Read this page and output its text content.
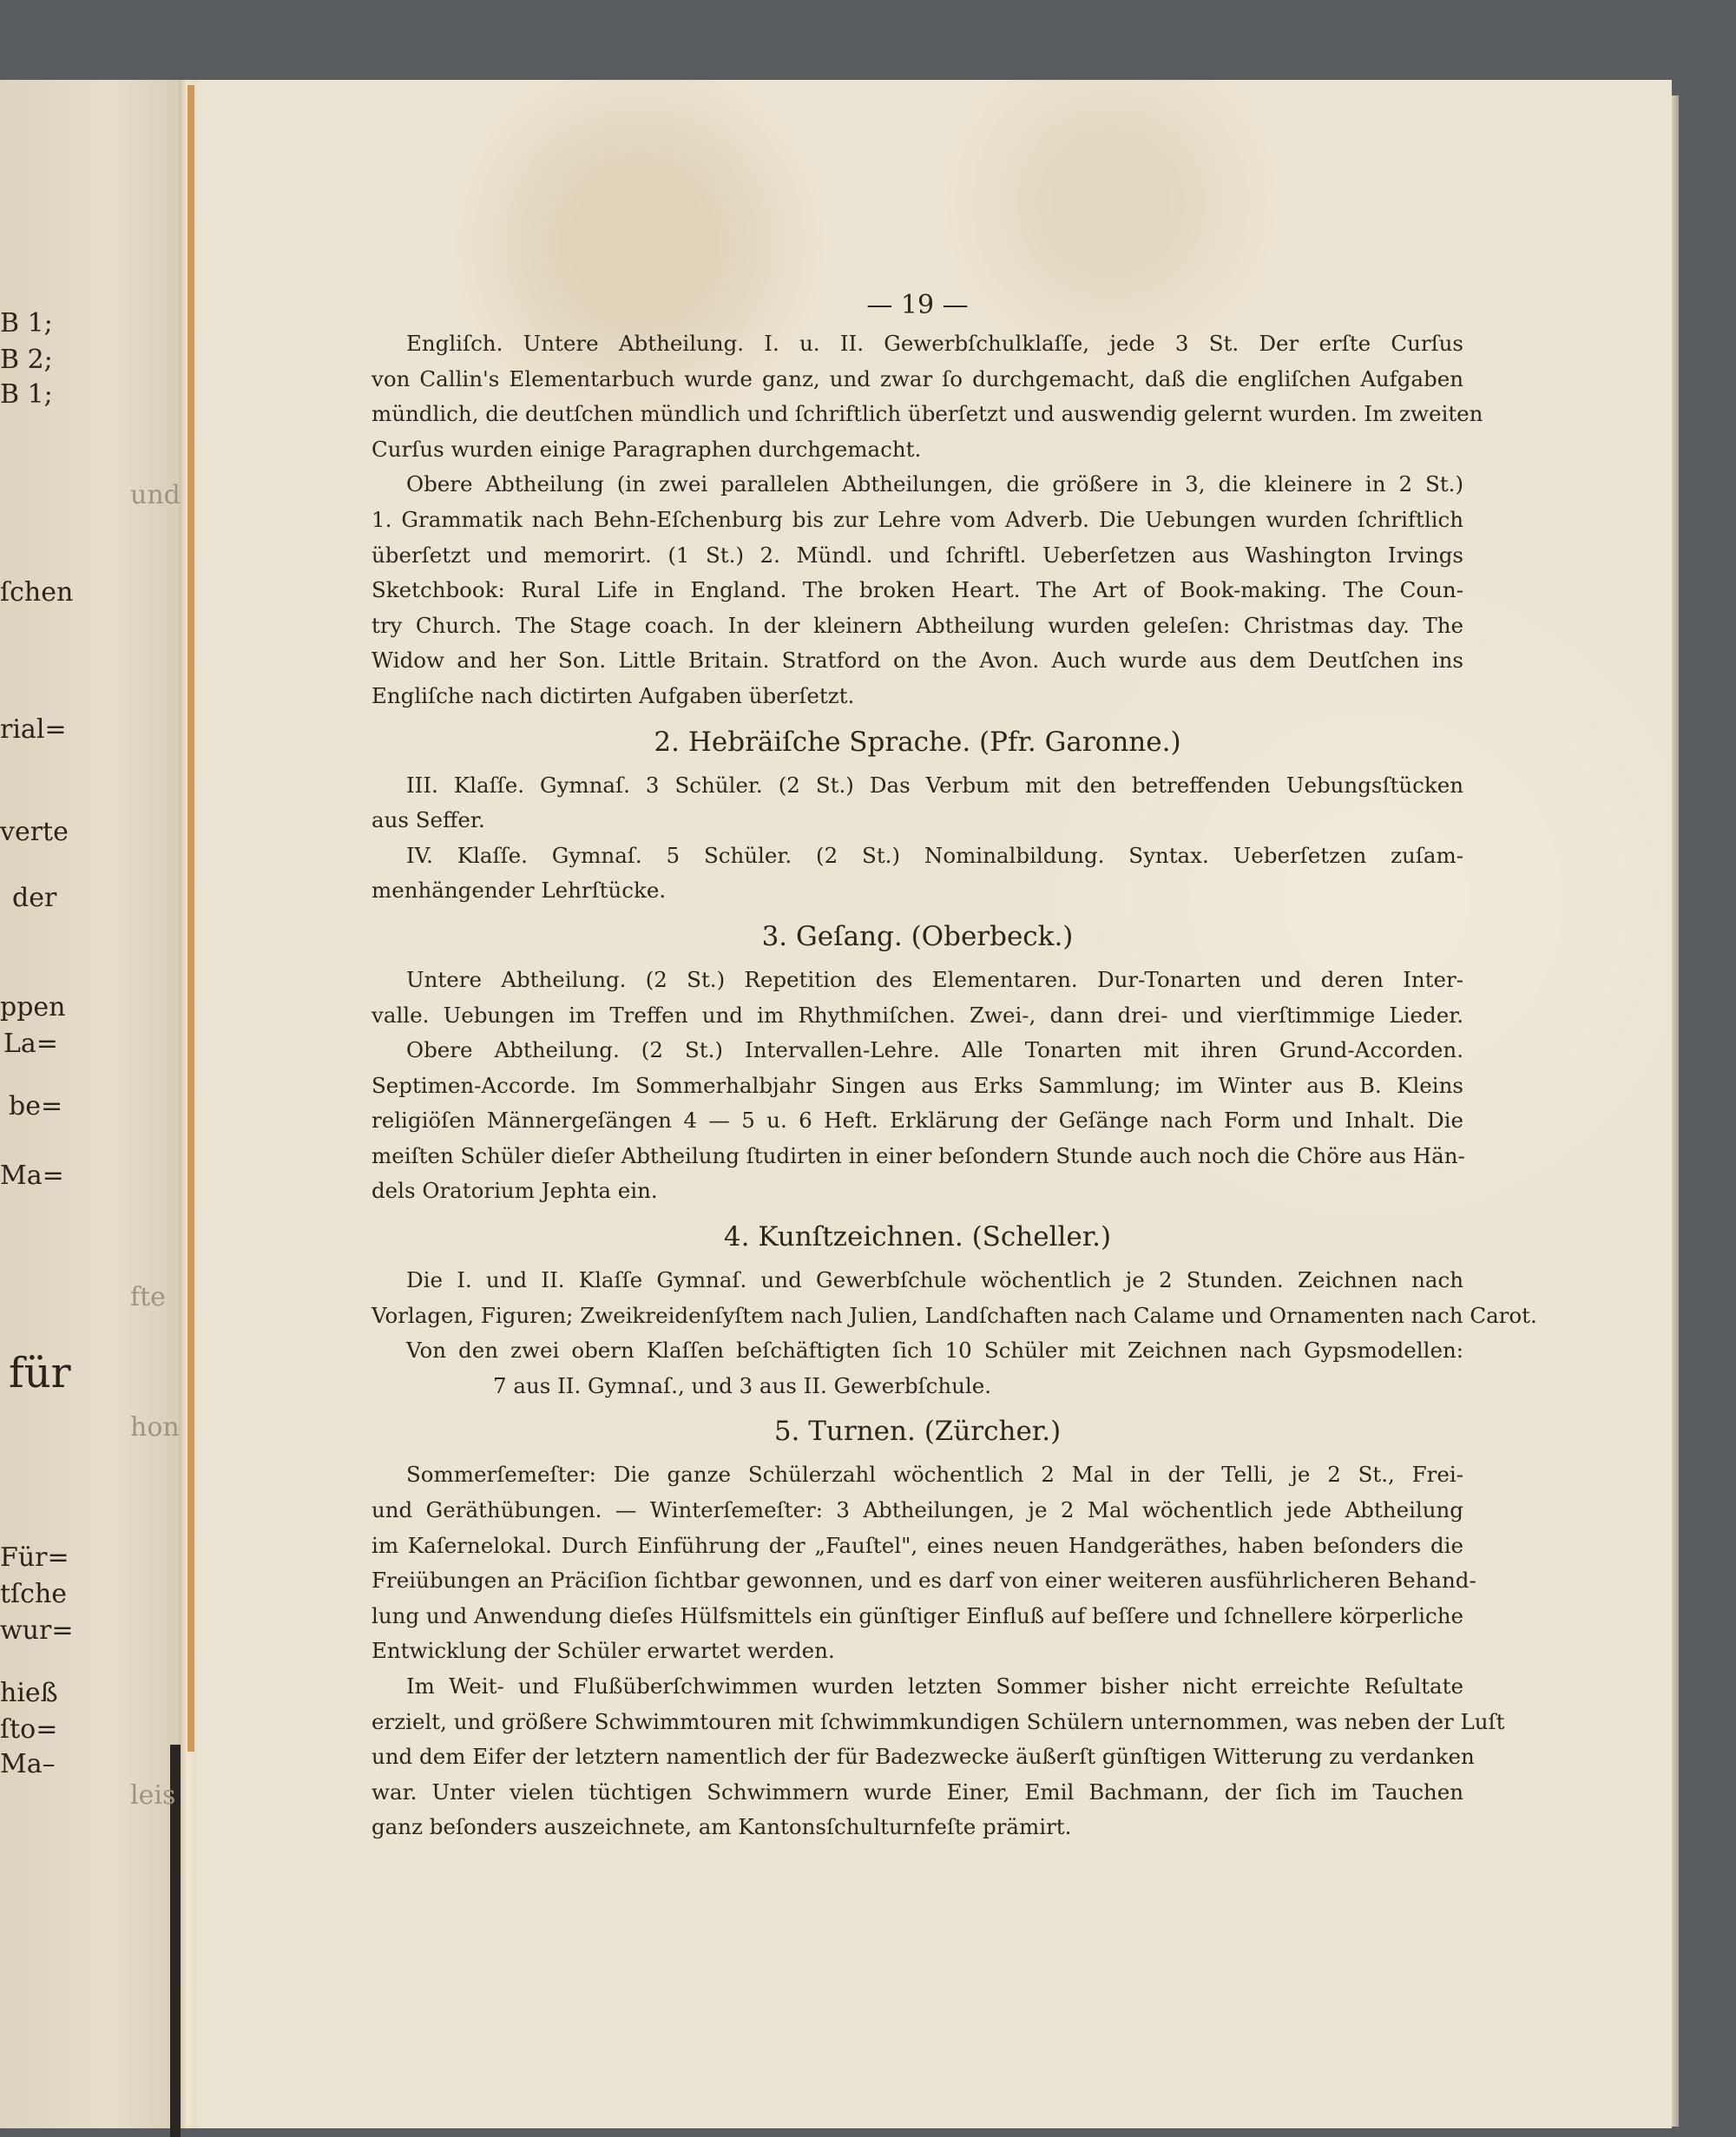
B 1;
B 2;
B 1;
und
ſchen
rial=
verte
der
ppen
La=
be=
Ma=
für
hon
Für=
tſche
wur=
hieß
ſto=
Ma–
leis
fte
— 19 —
Engliſch. Untere Abtheilung. I. u. II. Gewerbſchulklaſſe, jede 3 St. Der erſte Curſus
von Callin's Elementarbuch wurde ganz, und zwar ſo durchgemacht, daß die engliſchen Aufgaben
mündlich, die deutſchen mündlich und ſchriftlich überſetzt und auswendig gelernt wurden. Im zweiten
Curſus wurden einige Paragraphen durchgemacht.
Obere Abtheilung (in zwei parallelen Abtheilungen, die größere in 3, die kleinere in 2 St.)
1. Grammatik nach Behn-Eſchenburg bis zur Lehre vom Adverb. Die Uebungen wurden ſchriftlich
überſetzt und memorirt. (1 St.) 2. Mündl. und ſchriftl. Ueberſetzen aus Washington Irvings
Sketchbook: Rural Life in England. The broken Heart. The Art of Book-making. The Coun-
try Church. The Stage coach. In der kleinern Abtheilung wurden geleſen: Christmas day. The
Widow and her Son. Little Britain. Stratford on the Avon. Auch wurde aus dem Deutſchen ins
Engliſche nach dictirten Aufgaben überſetzt.
2. Hebräiſche Sprache. (Pfr. Garonne.)
III. Klaſſe. Gymnaſ. 3 Schüler. (2 St.) Das Verbum mit den betreffenden Uebungsſtücken
aus Seffer.
IV. Klaſſe. Gymnaſ. 5 Schüler. (2 St.) Nominalbildung. Syntax. Ueberſetzen zuſam-
menhängender Lehrſtücke.
3. Geſang. (Oberbeck.)
Untere Abtheilung. (2 St.) Repetition des Elementaren. Dur-Tonarten und deren Inter-
valle. Uebungen im Treffen und im Rhythmiſchen. Zwei-, dann drei- und vierſtimmige Lieder.
Obere Abtheilung. (2 St.) Intervallen-Lehre. Alle Tonarten mit ihren Grund-Accorden.
Septimen-Accorde. Im Sommerhalbjahr Singen aus Erks Sammlung; im Winter aus B. Kleins
religiöſen Männergeſängen 4 — 5 u. 6 Heft. Erklärung der Geſänge nach Form und Inhalt. Die
meiſten Schüler dieſer Abtheilung ſtudirten in einer beſondern Stunde auch noch die Chöre aus Hän-
dels Oratorium Jephta ein.
4. Kunſtzeichnen. (Scheller.)
Die I. und II. Klaſſe Gymnaſ. und Gewerbſchule wöchentlich je 2 Stunden. Zeichnen nach
Vorlagen, Figuren; Zweikreidenſyſtem nach Julien, Landſchaften nach Calame und Ornamenten nach Carot.
Von den zwei obern Klaſſen beſchäftigten ſich 10 Schüler mit Zeichnen nach Gypsmodellen:
7 aus II. Gymnaſ., und 3 aus II. Gewerbſchule.
5. Turnen. (Zürcher.)
Sommerſemeſter: Die ganze Schülerzahl wöchentlich 2 Mal in der Telli, je 2 St., Frei-
und Geräthübungen. — Winterſemeſter: 3 Abtheilungen, je 2 Mal wöchentlich jede Abtheilung
im Kaſernelokal. Durch Einführung der „Fauſtel", eines neuen Handgeräthes, haben beſonders die
Freiübungen an Präciſion ſichtbar gewonnen, und es darf von einer weiteren ausführlicheren Behand-
lung und Anwendung dieſes Hülfsmittels ein günſtiger Einfluß auf beſſere und ſchnellere körperliche
Entwicklung der Schüler erwartet werden.
Im Weit- und Flußüberſchwimmen wurden letzten Sommer bisher nicht erreichte Reſultate
erzielt, und größere Schwimmtouren mit ſchwimmkundigen Schülern unternommen, was neben der Luſt
und dem Eifer der letztern namentlich der für Badezwecke äußerſt günſtigen Witterung zu verdanken
war. Unter vielen tüchtigen Schwimmern wurde Einer, Emil Bachmann, der ſich im Tauchen
ganz beſonders auszeichnete, am Kantonsſchulturnfeſte prämirt.
